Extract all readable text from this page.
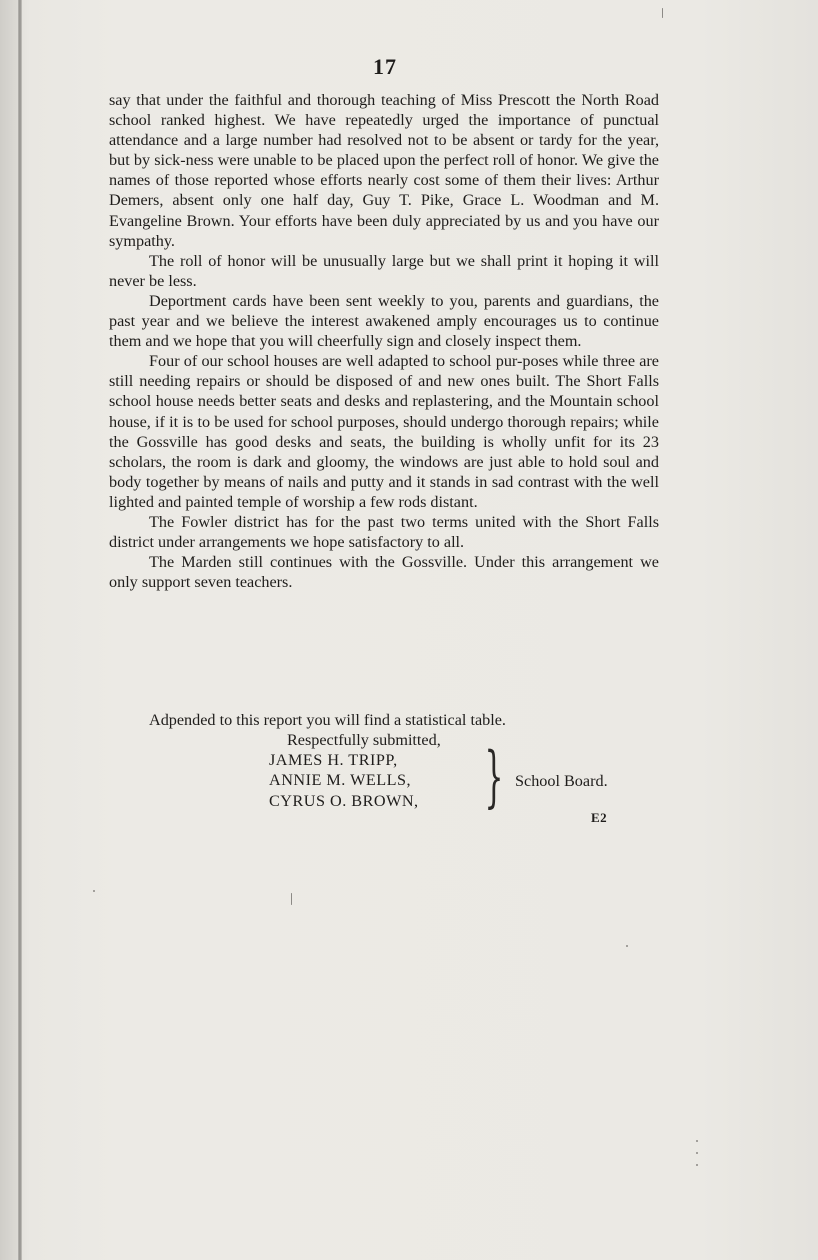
17

say that under the faithful and thorough teaching of Miss Prescott the North Road school ranked highest. We have repeatedly urged the importance of punctual attendance and a large number had resolved not to be absent or tardy for the year, but by sick-ness were unable to be placed upon the perfect roll of honor. We give the names of those reported whose efforts nearly cost some of them their lives: Arthur Demers, absent only one half day, Guy T. Pike, Grace L. Woodman and M. Evangeline Brown. Your efforts have been duly appreciated by us and you have our sympathy.

The roll of honor will be unusually large but we shall print it hoping it will never be less.

Deportment cards have been sent weekly to you, parents and guardians, the past year and we believe the interest awakened amply encourages us to continue them and we hope that you will cheerfully sign and closely inspect them.

Four of our school houses are well adapted to school pur-poses while three are still needing repairs or should be disposed of and new ones built. The Short Falls school house needs better seats and desks and replastering, and the Mountain school house, if it is to be used for school purposes, should undergo thorough repairs; while the Gossville has good desks and seats, the building is wholly unfit for its 23 scholars, the room is dark and gloomy, the windows are just able to hold soul and body together by means of nails and putty and it stands in sad contrast with the well lighted and painted temple of worship a few rods distant.

The Fowler district has for the past two terms united with the Short Falls district under arrangements we hope satisfactory to all.

The Marden still continues with the Gossville. Under this arrangement we only support seven teachers.

Adpended to this report you will find a statistical table.
Respectfully submitted,
JAMES H. TRIPP,
ANNIE M. WELLS,
CYRUS O. BROWN, } School Board.
E2
